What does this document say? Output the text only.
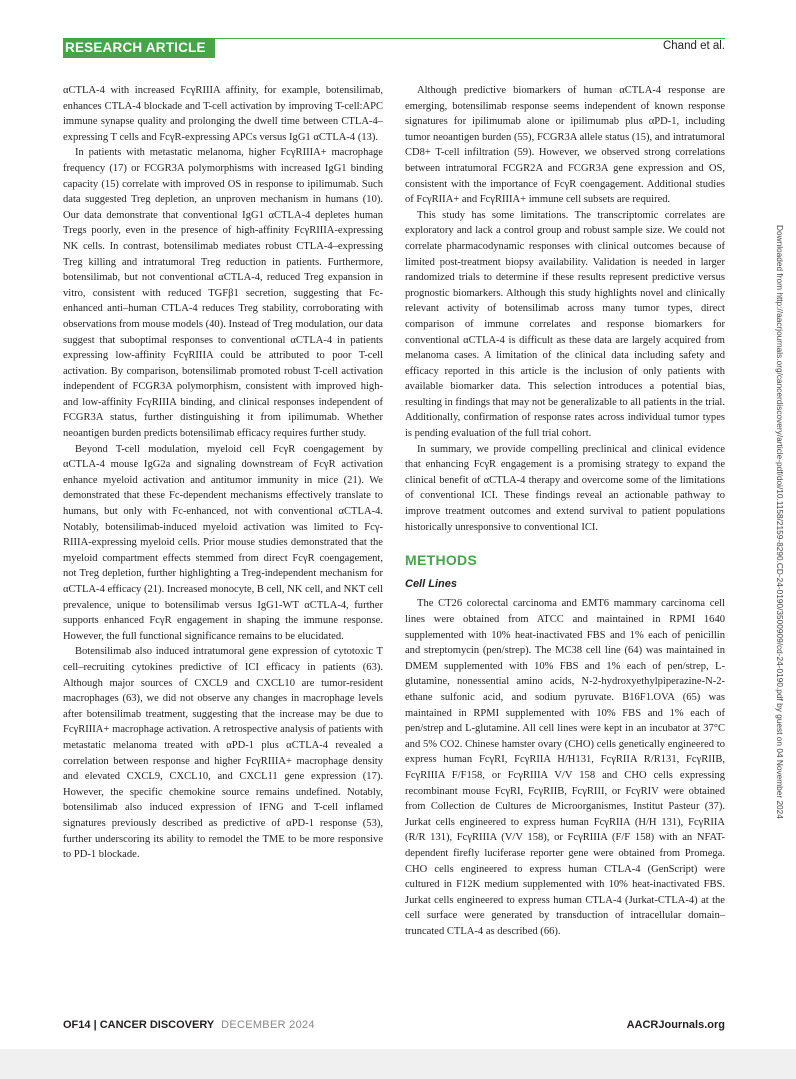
RESEARCH ARTICLE	Chand et al.

αCTLA-4 with increased FcγRIIIA affinity, for example, botensilimab, enhances CTLA-4 blockade and T-cell activation by improving T-cell:APC immune synapse quality and prolonging the dwell time between CTLA-4–expressing T cells and FcγR-expressing APCs versus IgG1 αCTLA-4 (13).

In patients with metastatic melanoma, higher FcγRIIIA+ macrophage frequency (17) or FCGR3A polymorphisms with increased IgG1 binding capacity (15) correlate with improved OS in response to ipilimumab. Such data suggested Treg depletion, an unproven mechanism in humans (10). Our data demonstrate that conventional IgG1 αCTLA-4 depletes human Tregs poorly, even in the presence of high-affinity FcγRIIIA-expressing NK cells. In contrast, botensilimab mediates robust CTLA-4–expressing Treg killing and intratumoral Treg reduction in patients. Furthermore, botensilimab, but not conventional αCTLA-4, reduced Treg expansion in vitro, consistent with reduced TGFβ1 secretion, suggesting that Fc-enhanced anti–human CTLA-4 reduces Treg stability, corroborating with observations from mouse models (40). Instead of Treg modulation, our data suggest that suboptimal responses to conventional αCTLA-4 in patients expressing low-affinity FcγRIIIA could be attributed to poor T-cell activation. By comparison, botensilimab promoted robust T-cell activation independent of FCGR3A polymorphism, consistent with improved high- and low-affinity FcγRIIIA binding, and clinical responses independent of FCGR3A status, further distinguishing it from ipilimumab. Whether neoantigen burden predicts botensilimab efficacy requires further study.

Beyond T-cell modulation, myeloid cell FcγR coengagement by αCTLA-4 mouse IgG2a and signaling downstream of FcγR activation enhance myeloid activation and antitumor immunity in mice (21). We demonstrated that these Fc-dependent mechanisms effectively translate to humans, but only with Fc-enhanced, not with conventional αCTLA-4. Notably, botensilimab-induced myeloid activation was limited to Fcγ-RIIIA-expressing myeloid cells. Prior mouse studies demonstrated that the myeloid compartment effects stemmed from direct FcγR coengagement, not Treg depletion, further highlighting a Treg-independent mechanism for αCTLA-4 efficacy (21). Increased monocyte, B cell, NK cell, and NKT cell prevalence, unique to botensilimab versus IgG1-WT αCTLA-4, further supports enhanced FcγR engagement in shaping the immune response. However, the full functional significance remains to be elucidated.

Botensilimab also induced intratumoral gene expression of cytotoxic T cell–recruiting cytokines predictive of ICI efficacy in patients (63). Although major sources of CXCL9 and CXCL10 are tumor-resident macrophages (63), we did not observe any changes in macrophage levels after botensilimab treatment, suggesting that the increase may be due to FcγRIIIA+ macrophage activation. A retrospective analysis of patients with metastatic melanoma treated with αPD-1 plus αCTLA-4 revealed a correlation between response and higher FcγRIIIA+ macrophage density and elevated CXCL9, CXCL10, and CXCL11 gene expression (17). However, the specific chemokine source remains undefined. Notably, botensilimab also induced expression of IFNG and T-cell inflamed signatures previously described as predictive of αPD-1 response (53), further underscoring its ability to remodel the TME to be more responsive to PD-1 blockade.

Although predictive biomarkers of human αCTLA-4 response are emerging, botensilimab response seems independent of known response signatures for ipilimumab alone or ipilimumab plus αPD-1, including tumor neoantigen burden (55), FCGR3A allele status (15), and intratumoral CD8+ T-cell infiltration (59). However, we observed strong correlations between intratumoral FCGR2A and FCGR3A gene expression and OS, consistent with the importance of FcγR coengagement. Additional studies of FcγRIIA+ and FcγRIIIA+ immune cell subsets are required.

This study has some limitations. The transcriptomic correlates are exploratory and lack a control group and robust sample size. We could not correlate pharmacodynamic responses with clinical outcomes because of limited post-treatment biopsy availability. Validation is needed in larger randomized trials to determine if these results represent predictive versus prognostic biomarkers. Although this study highlights novel and clinically relevant activity of botensilimab across many tumor types, direct comparison of immune correlates and response biomarkers for conventional αCTLA-4 is difficult as these data are largely acquired from melanoma cases. A limitation of the clinical data including safety and efficacy reported in this article is the inclusion of only patients with available biomarker data. This selection introduces a potential bias, resulting in findings that may not be generalizable to all patients in the trial. Additionally, confirmation of response rates across individual tumor types is pending evaluation of the full trial cohort.

In summary, we provide compelling preclinical and clinical evidence that enhancing FcγR engagement is a promising strategy to expand the clinical benefit of αCTLA-4 therapy and overcome some of the limitations of conventional ICI. These findings reveal an actionable pathway to improve treatment outcomes and extend survival to patient populations historically unresponsive to conventional ICI.

METHODS
Cell Lines

The CT26 colorectal carcinoma and EMT6 mammary carcinoma cell lines were obtained from ATCC and maintained in RPMI 1640 supplemented with 10% heat-inactivated FBS and 1% each of penicillin and streptomycin (pen/strep). The MC38 cell line (64) was maintained in DMEM supplemented with 10% FBS and 1% each of pen/strep, L-glutamine, nonessential amino acids, N-2-hydroxyethylpiperazine-N-2-ethane sulfonic acid, and sodium pyruvate. B16F1.OVA (65) was maintained in RPMI supplemented with 10% FBS and 1% each of pen/strep and L-glutamine. All cell lines were kept in an incubator at 37°C and 5% CO2. Chinese hamster ovary (CHO) cells genetically engineered to express human FcγRI, FcγRIIA H/H131, FcγRIIA R/R131, FcγRIIB, FcγRIIIA F/F158, or FcγRIIIA V/V 158 and CHO cells expressing recombinant mouse FcγRI, FcγRIIB, FcγRIII, or FcγRIV were obtained from Collection de Cultures de Microorganismes, Institut Pasteur (37). Jurkat cells engineered to express human FcγRIIA (H/H 131), FcγRIIA (R/R 131), FcγRIIIA (V/V 158), or FcγRIIIA (F/F 158) with an NFAT-dependent firefly luciferase reporter gene were obtained from Promega. CHO cells engineered to express human CTLA-4 (GenScript) were cultured in F12K medium supplemented with 10% heat-inactivated FBS. Jurkat cells engineered to express human CTLA-4 (Jurkat-CTLA-4) at the cell surface were generated by transduction of intracellular domain–truncated CTLA-4 as described (66).

Downloaded from http://aacrjournals.org/cancerdiscovery/article-pdf/doi/10.1158/2159-8290.CD-24-0190/3500909/cd-24-0190.pdf by guest on 04 November 2024
OF14 | CANCER DISCOVERY DECEMBER 2024	AACRJournals.org
